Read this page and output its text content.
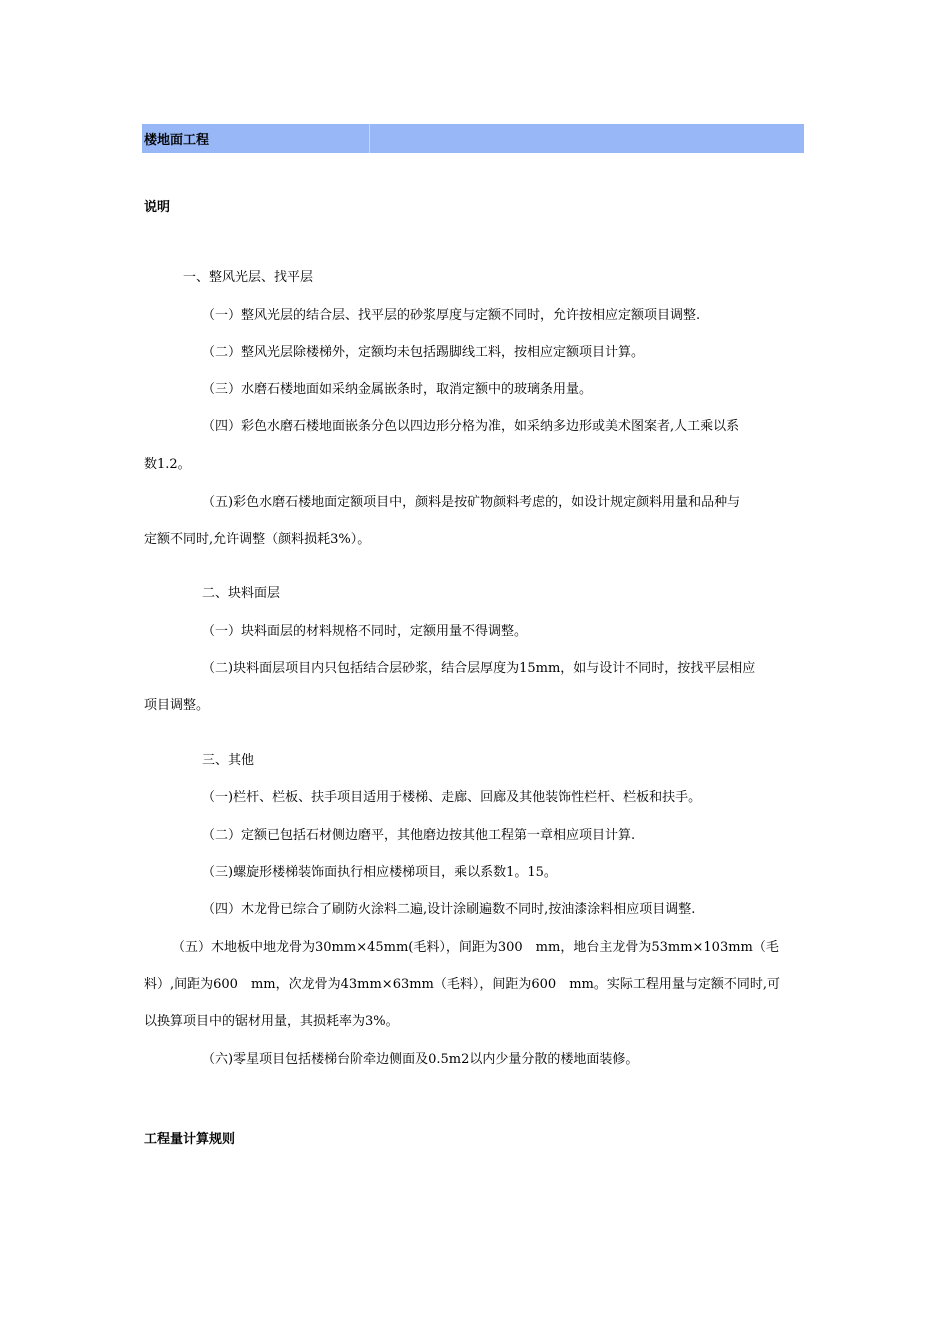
楼地面工程
说明
一、整风光层、找平层
（一）整风光层的结合层、找平层的砂浆厚度与定额不同时，允许按相应定额项目调整.
（二）整风光层除楼梯外，定额均未包括踢脚线工料，按相应定额项目计算。
（三）水磨石楼地面如采纳金属嵌条时，取消定额中的玻璃条用量。
（四）彩色水磨石楼地面嵌条分色以四边形分格为准，如采纳多边形或美术图案者,人工乘以系
数1.2。
（五)彩色水磨石楼地面定额项目中，颜料是按矿物颜料考虑的，如设计规定颜料用量和品种与
定额不同时,允许调整（颜料损耗3%）。
二、块料面层
（一）块料面层的材料规格不同时，定额用量不得调整。
（二)块料面层项目内只包括结合层砂浆，结合层厚度为15mm，如与设计不同时，按找平层相应
项目调整。
三、其他
（一)栏杆、栏板、扶手项目适用于楼梯、走廊、回廊及其他装饰性栏杆、栏板和扶手。
（二）定额已包括石材侧边磨平，其他磨边按其他工程第一章相应项目计算.
（三)螺旋形楼梯装饰面执行相应楼梯项目，乘以系数1。15。
（四）木龙骨已综合了刷防火涂料二遍,设计涂刷遍数不同时,按油漆涂料相应项目调整.
（五）木地板中地龙骨为30mm×45mm(毛料），间距为300　mm，地台主龙骨为53mm×103mm（毛
料）,间距为600　mm，次龙骨为43mm×63mm（毛料），间距为600　mm。实际工程用量与定额不同时,可
以换算项目中的锯材用量，其损耗率为3%。
（六)零星项目包括楼梯台阶牵边侧面及0.5m2以内少量分散的楼地面装修。
工程量计算规则
